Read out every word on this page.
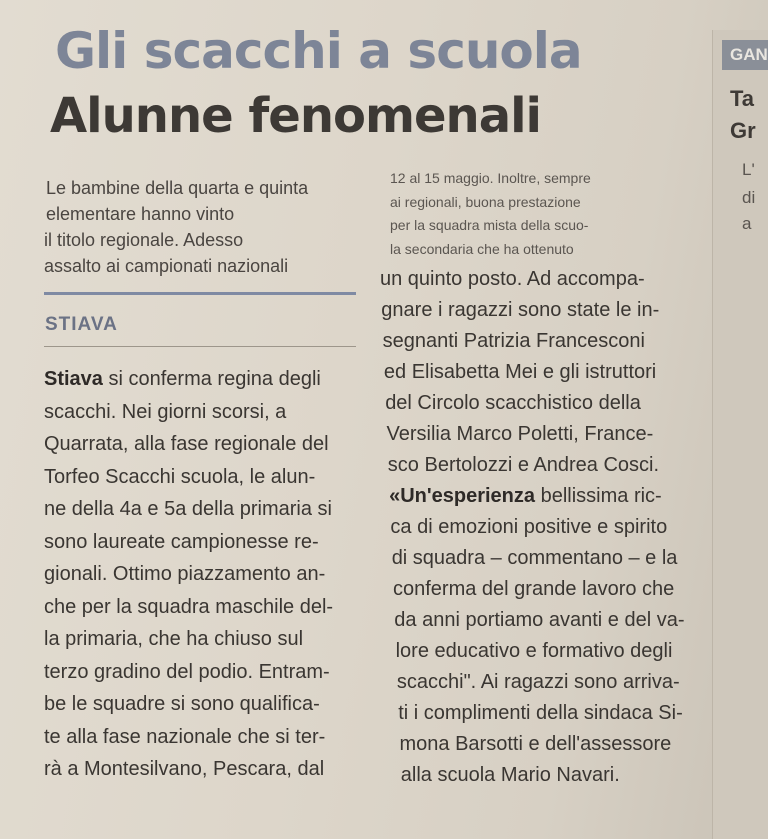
GAN
Ta
Gr
L'
di
a
Gli scacchi a scuola
Alunne fenomenali
Le bambine della quarta e quinta
elementare hanno vinto
il titolo regionale. Adesso
assalto ai campionati nazionali
STIAVA
Stiava si conferma regina degli
scacchi. Nei giorni scorsi, a
Quarrata, alla fase regionale del
Torfeo Scacchi scuola, le alun-
ne della 4a e 5a della primaria si
sono laureate campionesse re-
gionali. Ottimo piazzamento an-
che per la squadra maschile del-
la primaria, che ha chiuso sul
terzo gradino del podio. Entram-
be le squadre si sono qualifica-
te alla fase nazionale che si ter-
rà a Montesilvano, Pescara, dal
12 al 15 maggio. Inoltre, sempre
ai regionali, buona prestazione
per la squadra mista della scuo-
la secondaria che ha ottenuto
un quinto posto. Ad accompa-
gnare i ragazzi sono state le in-
segnanti Patrizia Francesconi
ed Elisabetta Mei e gli istruttori
del Circolo scacchistico della
Versilia Marco Poletti, France-
sco Bertolozzi e Andrea Cosci.
«Un'esperienza bellissima ric-
ca di emozioni positive e spirito
di squadra – commentano – e la
conferma del grande lavoro che
da anni portiamo avanti e del va-
lore educativo e formativo degli
scacchi". Ai ragazzi sono arriva-
ti i complimenti della sindaca Si-
mona Barsotti e dell'assessore
alla scuola Mario Navari.
